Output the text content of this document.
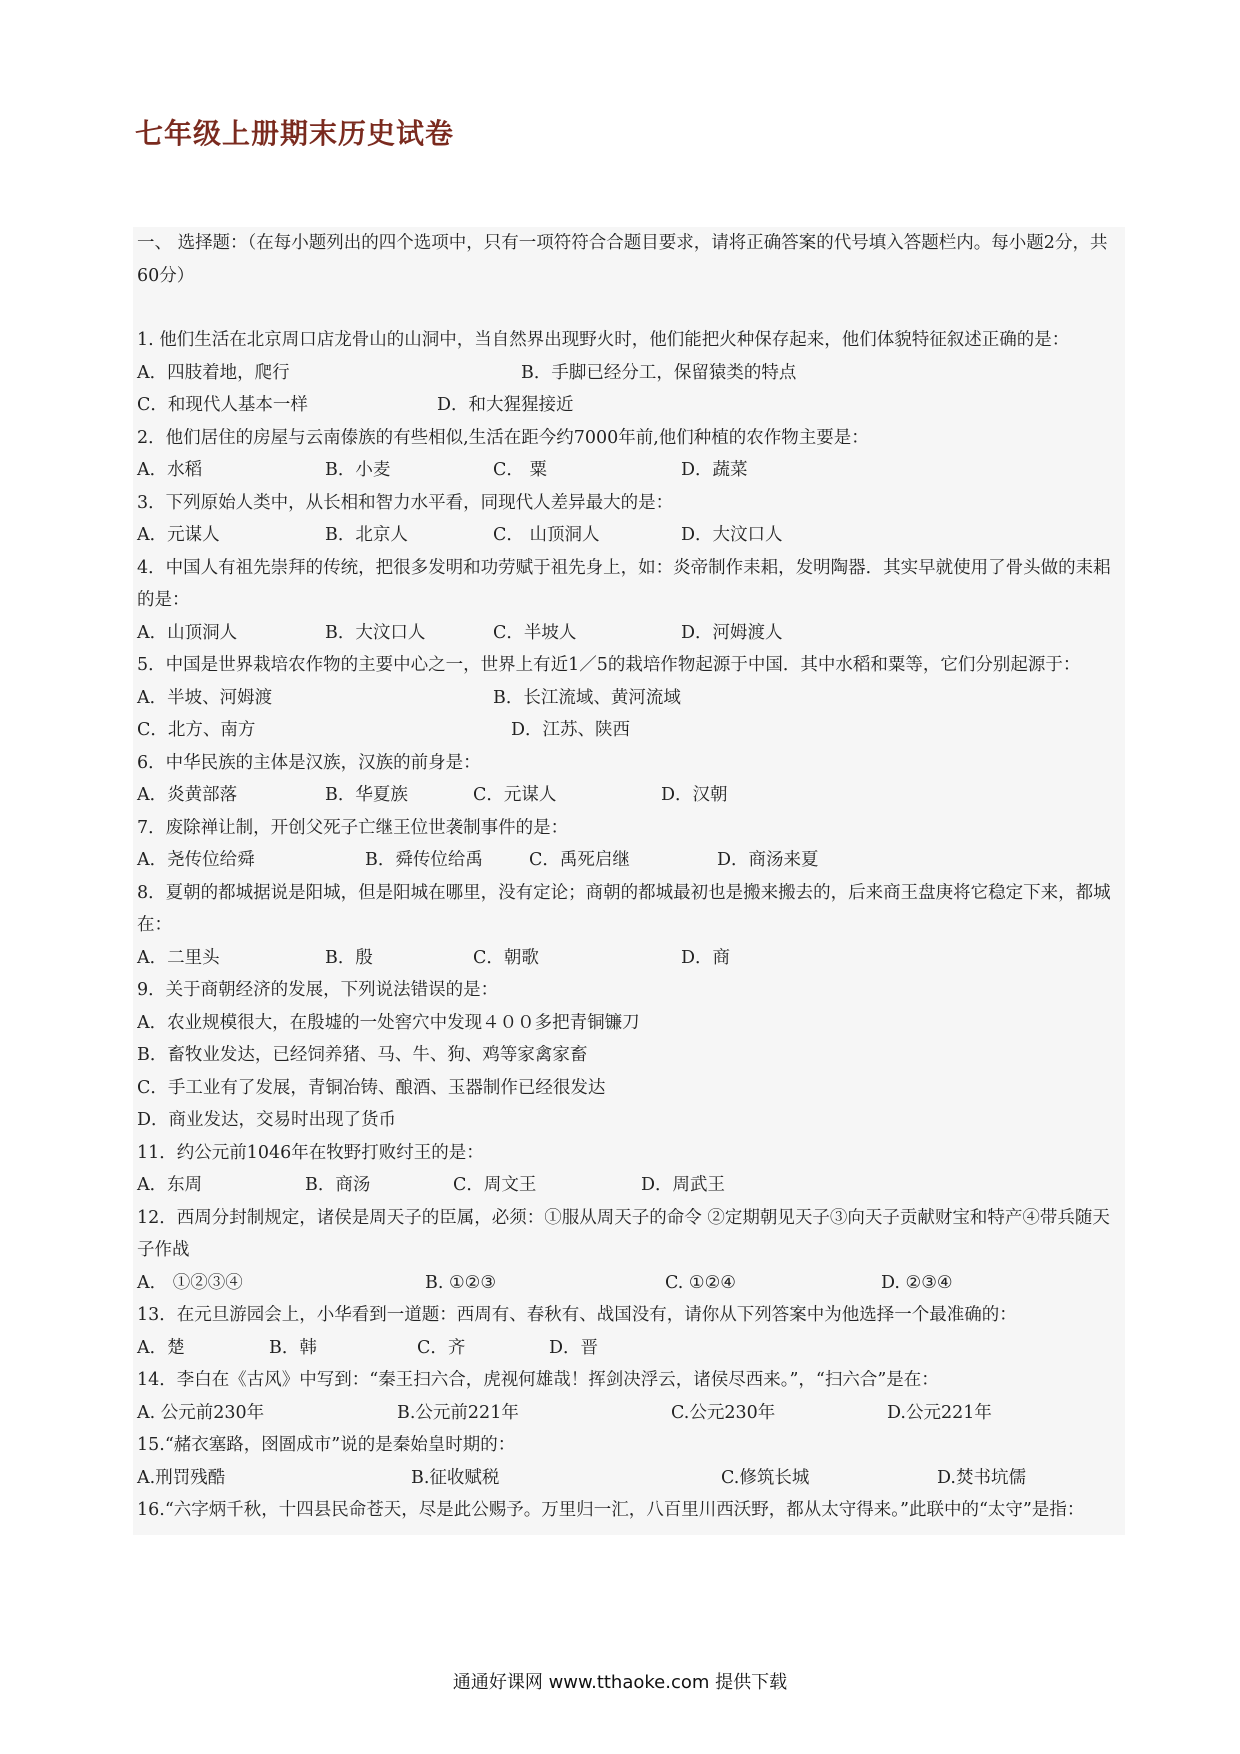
七年级上册期末历史试卷
一、 选择题：（在每小题列出的四个选项中，只有一项符符合合题目要求，请将正确答案的代号填入答题栏内。每小题2分，共60分）
1. 他们生活在北京周口店龙骨山的山洞中，当自然界出现野火时，他们能把火种保存起来，他们体貌特征叙述正确的是：
A．四肢着地，爬行	B．手脚已经分工，保留猿类的特点
C．和现代人基本一样	D．和大猩猩接近
2．他们居住的房屋与云南傣族的有些相似,生活在距今约7000年前,他们种植的农作物主要是：
A．水稻	B．小麦	C． 粟	D．蔬菜
3．下列原始人类中，从长相和智力水平看，同现代人差异最大的是：
A．元谋人	B．北京人	C． 山顶洞人	D．大汶口人
4．中国人有祖先崇拜的传统，把很多发明和功劳赋于祖先身上，如：炎帝制作耒耜，发明陶器．其实早就使用了骨头做的耒耜的是：
A．山顶洞人	B．大汶口人	C．半坡人	D．河姆渡人
5．中国是世界栽培农作物的主要中心之一，世界上有近1／5的栽培作物起源于中国．其中水稻和粟等，它们分别起源于：
A．半坡、河姆渡	B．长江流域、黄河流域
C．北方、南方	D．江苏、陕西
6．中华民族的主体是汉族，汉族的前身是：
A．炎黄部落	B．华夏族	C．元谋人	D．汉朝
7．废除禅让制，开创父死子亡继王位世袭制事件的是：
A．尧传位给舜	B．舜传位给禹	C．禹死启继	D．商汤来夏
8．夏朝的都城据说是阳城，但是阳城在哪里，没有定论；商朝的都城最初也是搬来搬去的，后来商王盘庚将它稳定下来，都城在：
A．二里头	B．殷	C．朝歌	D．商
9．关于商朝经济的发展，下列说法错误的是：
A．农业规模很大，在殷墟的一处窖穴中发现４００多把青铜镰刀
B．畜牧业发达，已经饲养猪、马、牛、狗、鸡等家禽家畜
C．手工业有了发展，青铜冶铸、酿酒、玉器制作已经很发达
D．商业发达，交易时出现了货币
11．约公元前1046年在牧野打败纣王的是：
A．东周	B．商汤	C．周文王	D．周武王
12．西周分封制规定，诸侯是周天子的臣属，必须：①服从周天子的命令 ②定期朝见天子③向天子贡献财宝和特产④带兵随天子作战
A． ①②③④	B. ①②③	C. ①②④	D. ②③④
13．在元旦游园会上，小华看到一道题：西周有、春秋有、战国没有，请你从下列答案中为他选择一个最准确的：
A．楚	B．韩	C．齐	D．晋
14．李白在《古风》中写到：“秦王扫六合，虎视何雄哉！挥剑决浮云，诸侯尽西来。”，“扫六合”是在：
A. 公元前230年	B.公元前221年	C.公元230年	D.公元221年
15.“赭衣塞路，囹圄成市”说的是秦始皇时期的：
A.刑罚残酷	B.征收赋税	C.修筑长城	D.焚书坑儒
16.“六字炳千秋，十四县民命苍天，尽是此公赐予。万里归一汇，八百里川西沃野，都从太守得来。”此联中的“太守”是指：
通通好课网 www.tthaoke.com 提供下载
